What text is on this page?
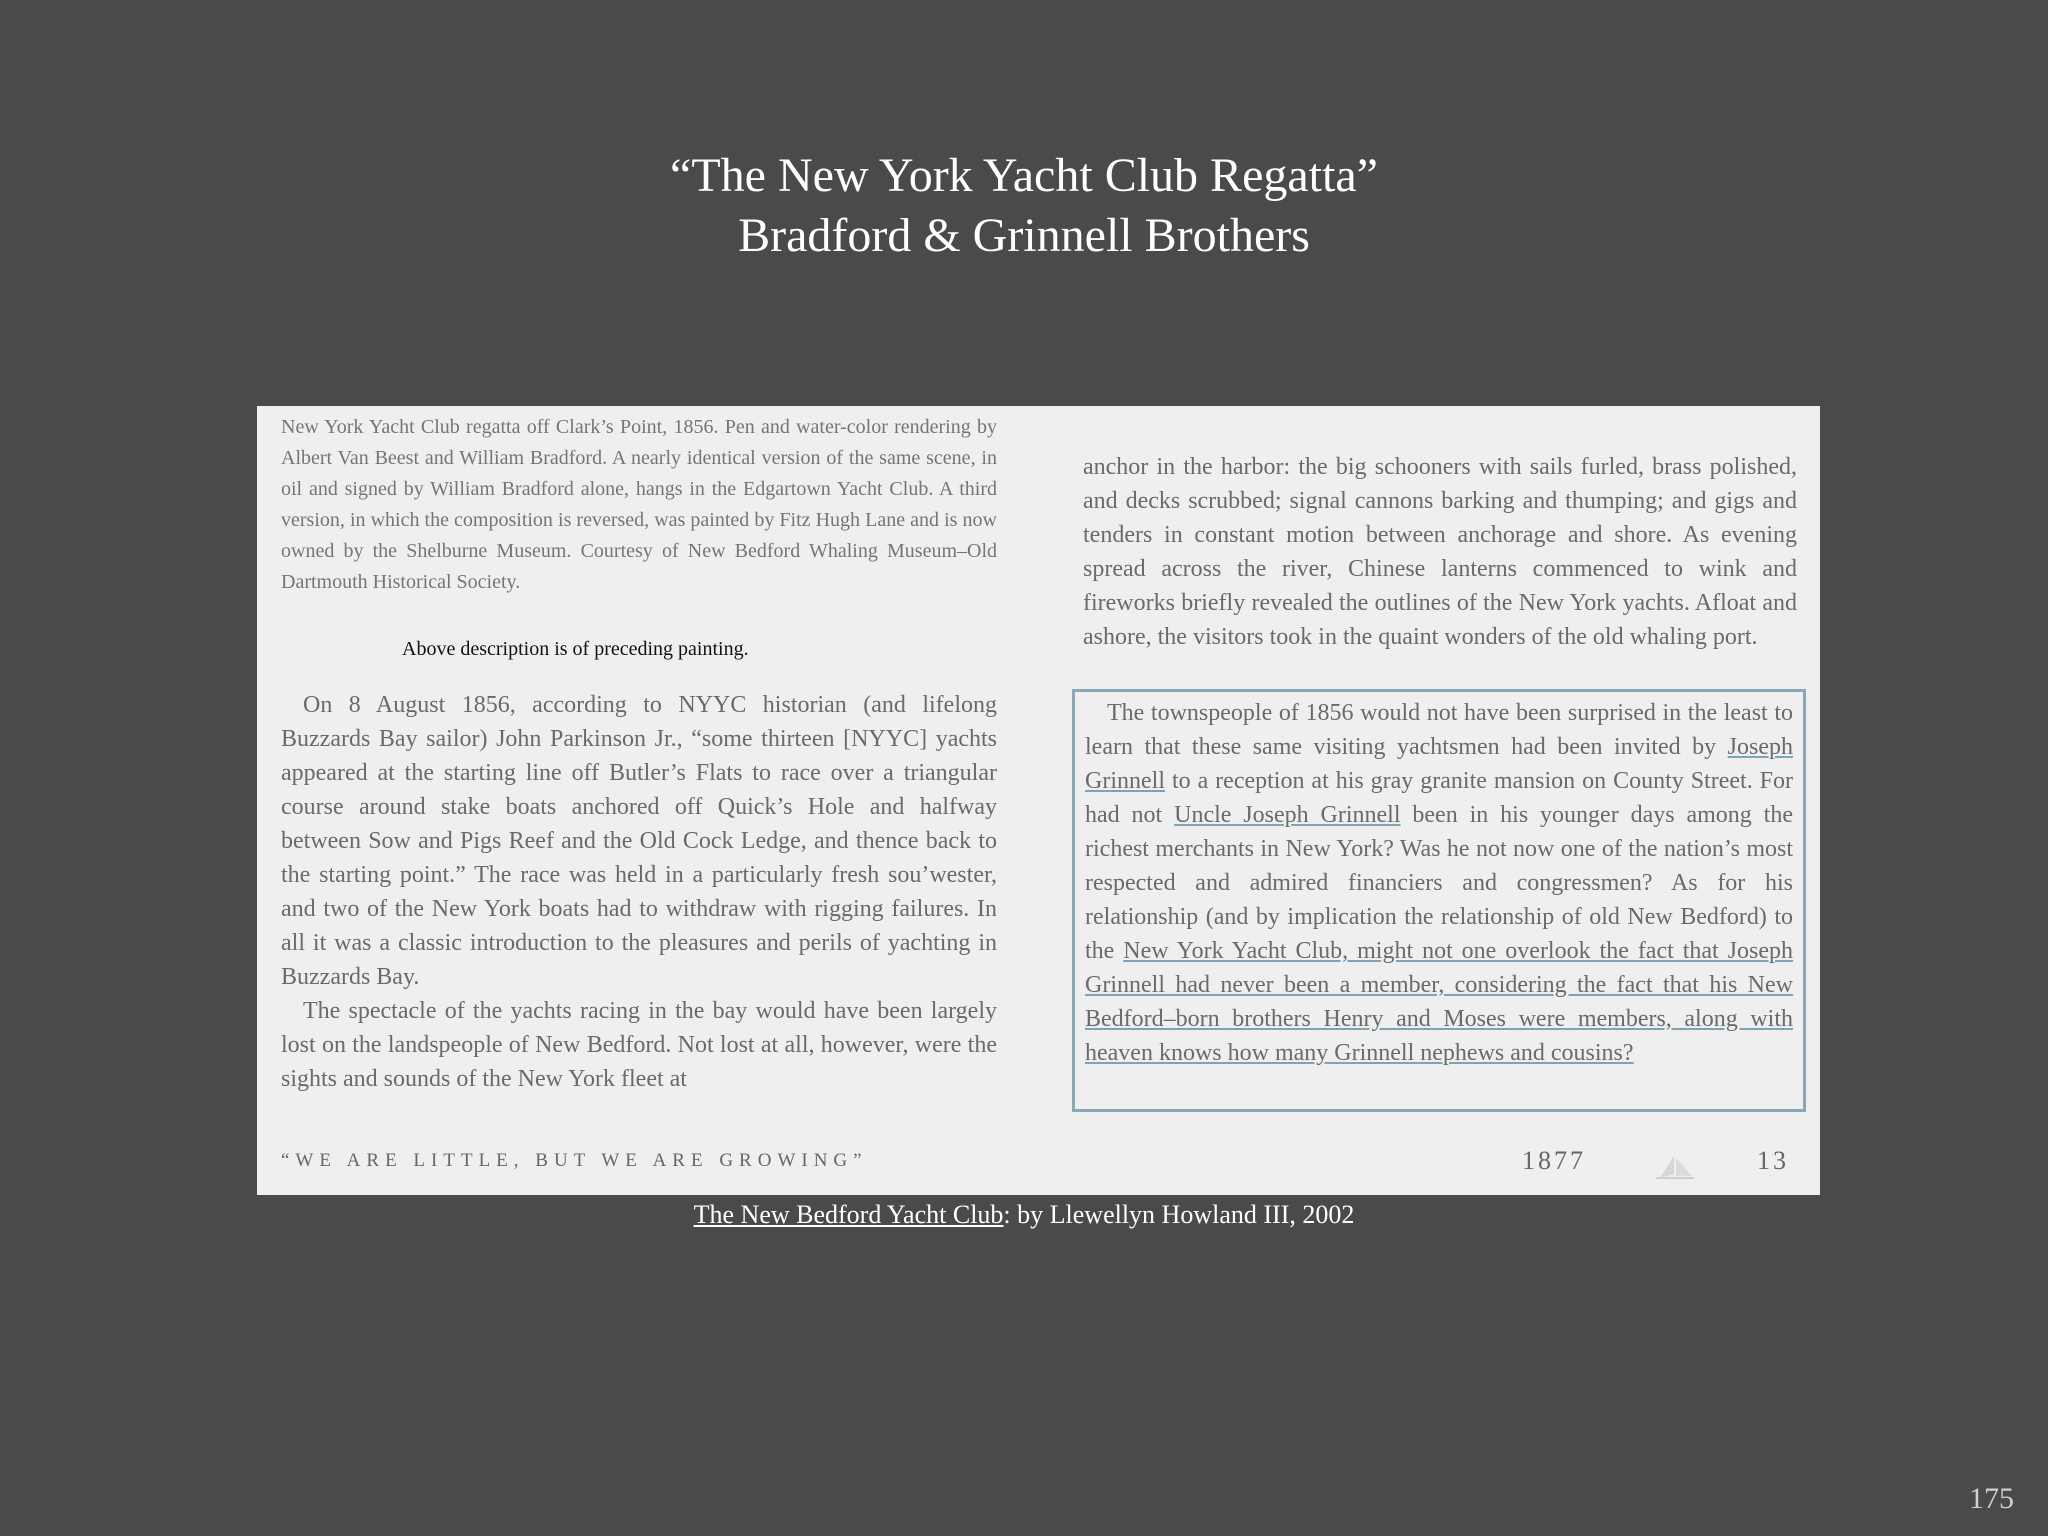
“The New York Yacht Club Regatta”
Bradford & Grinnell Brothers

New York Yacht Club regatta off Clark’s Point, 1856. Pen and water-color rendering by Albert Van Beest and William Bradford. A nearly identical version of the same scene, in oil and signed by William Bradford alone, hangs in the Edgartown Yacht Club. A third version, in which the composition is reversed, was painted by Fitz Hugh Lane and is now owned by the Shelburne Museum. Courtesy of New Bedford Whaling Museum–Old Dartmouth Historical Society.

Above description is of preceding painting.

On 8 August 1856, according to NYYC historian (and lifelong Buzzards Bay sailor) John Parkinson Jr., “some thirteen [NYYC] yachts appeared at the starting line off Butler’s Flats to race over a triangular course around stake boats anchored off Quick’s Hole and halfway between Sow and Pigs Reef and the Old Cock Ledge, and thence back to the starting point.” The race was held in a particularly fresh sou’wester, and two of the New York boats had to withdraw with rigging failures. In all it was a classic introduction to the pleasures and perils of yachting in Buzzards Bay.

The spectacle of the yachts racing in the bay would have been largely lost on the landspeople of New Bedford. Not lost at all, however, were the sights and sounds of the New York fleet at

anchor in the harbor: the big schooners with sails furled, brass polished, and decks scrubbed; signal cannons barking and thumping; and gigs and tenders in constant motion between anchorage and shore. As evening spread across the river, Chinese lanterns commenced to wink and fireworks briefly revealed the outlines of the New York yachts. Afloat and ashore, the visitors took in the quaint wonders of the old whaling port.

The townspeople of 1856 would not have been surprised in the least to learn that these same visiting yachtsmen had been invited by Joseph Grinnell to a reception at his gray granite mansion on County Street. For had not Uncle Joseph Grinnell been in his younger days among the richest merchants in New York? Was he not now one of the nation’s most respected and admired financiers and congressmen? As for his relationship (and by implication the relationship of old New Bedford) to the New York Yacht Club, might not one overlook the fact that Joseph Grinnell had never been a member, considering the fact that his New Bedford–born brothers Henry and Moses were members, along with heaven knows how many Grinnell nephews and cousins?

“WE ARE LITTLE, BUT WE ARE GROWING”	1877	13
The New Bedford Yacht Club: by Llewellyn Howland III, 2002
175
